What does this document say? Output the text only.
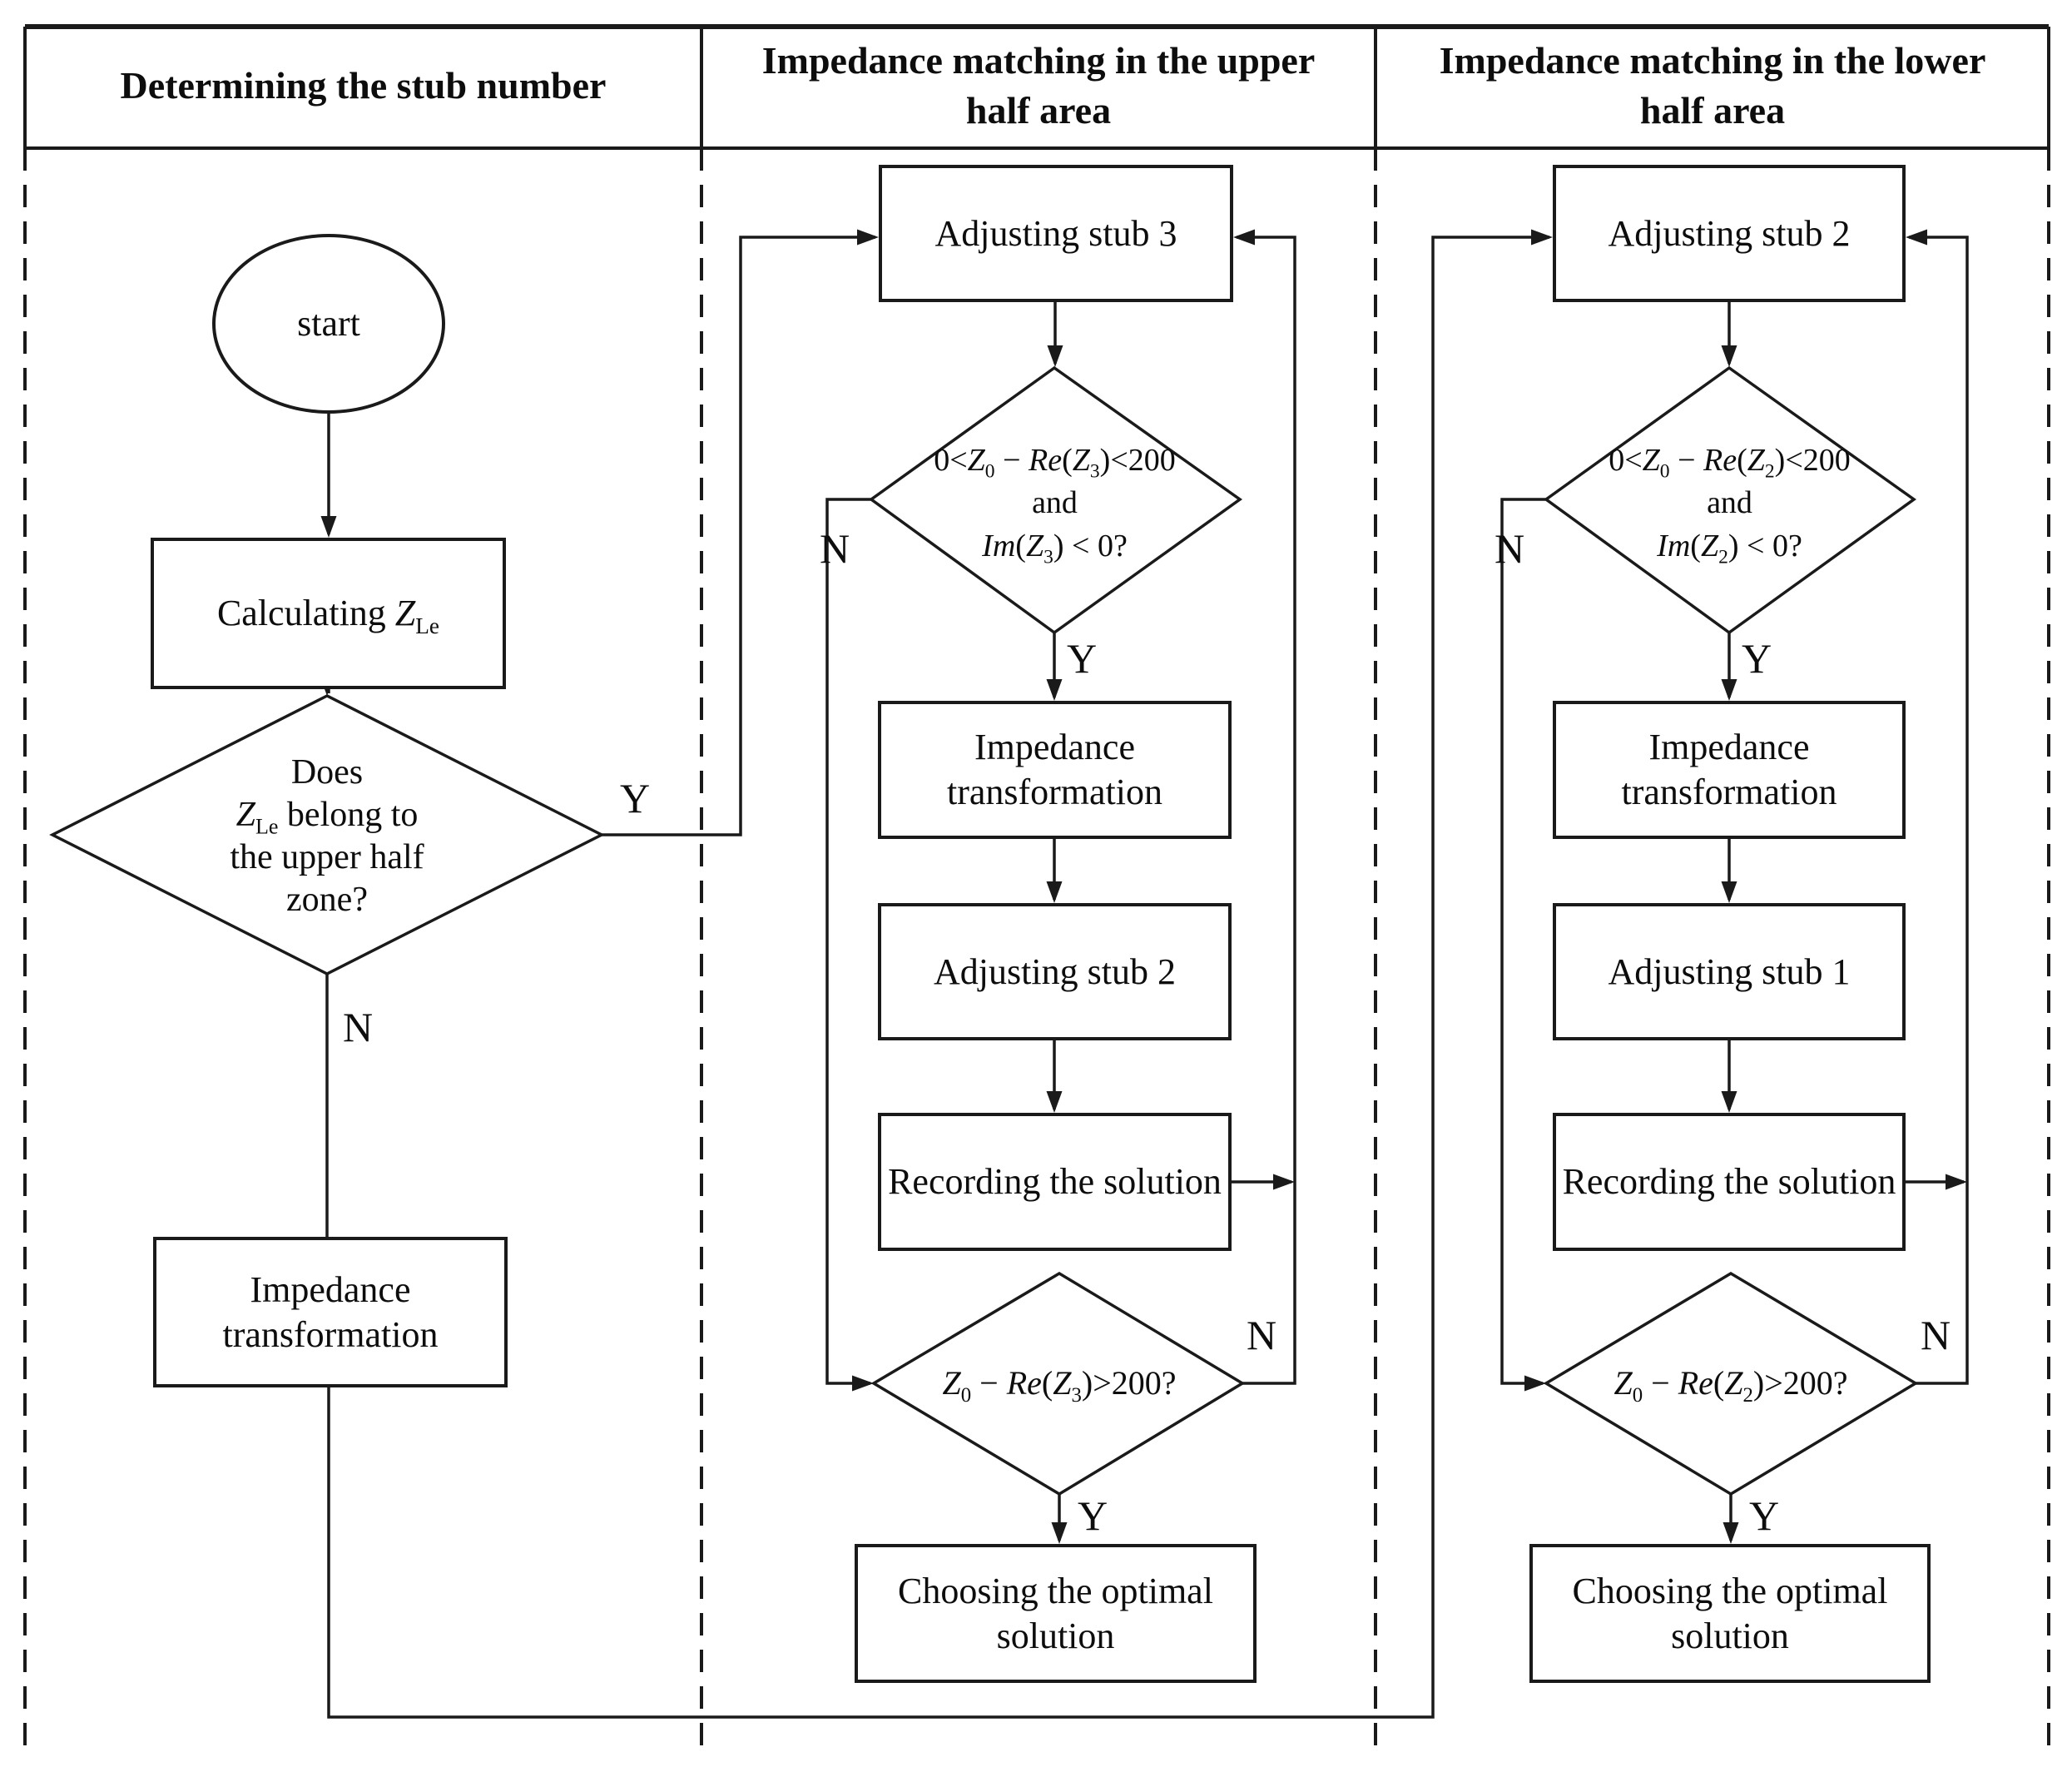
Determining the stub number
Impedance matching in the upper half area
Impedance matching in the lower half area
start
Calculating $Z_{Le}$
Does
$Z_{Le}$ belong to
the upper half
zone?
Impedance transformation
Y
N
Adjusting stub 3
$0<Z_0 - Re(Z_3)<200$
and
$Im(Z_3) < 0$?
Impedance transformation
Adjusting stub 2
Recording the solution
$Z_0 - Re(Z_3)>200$?
Choosing the optimal solution
N
Y
N
Y
Adjusting stub 2
$0<Z_0 - Re(Z_2)<200$
and
$Im(Z_2) < 0$?
Impedance transformation
Adjusting stub 1
Recording the solution
$Z_0 - Re(Z_2)>200$?
Choosing the optimal solution
N
Y
N
Y
